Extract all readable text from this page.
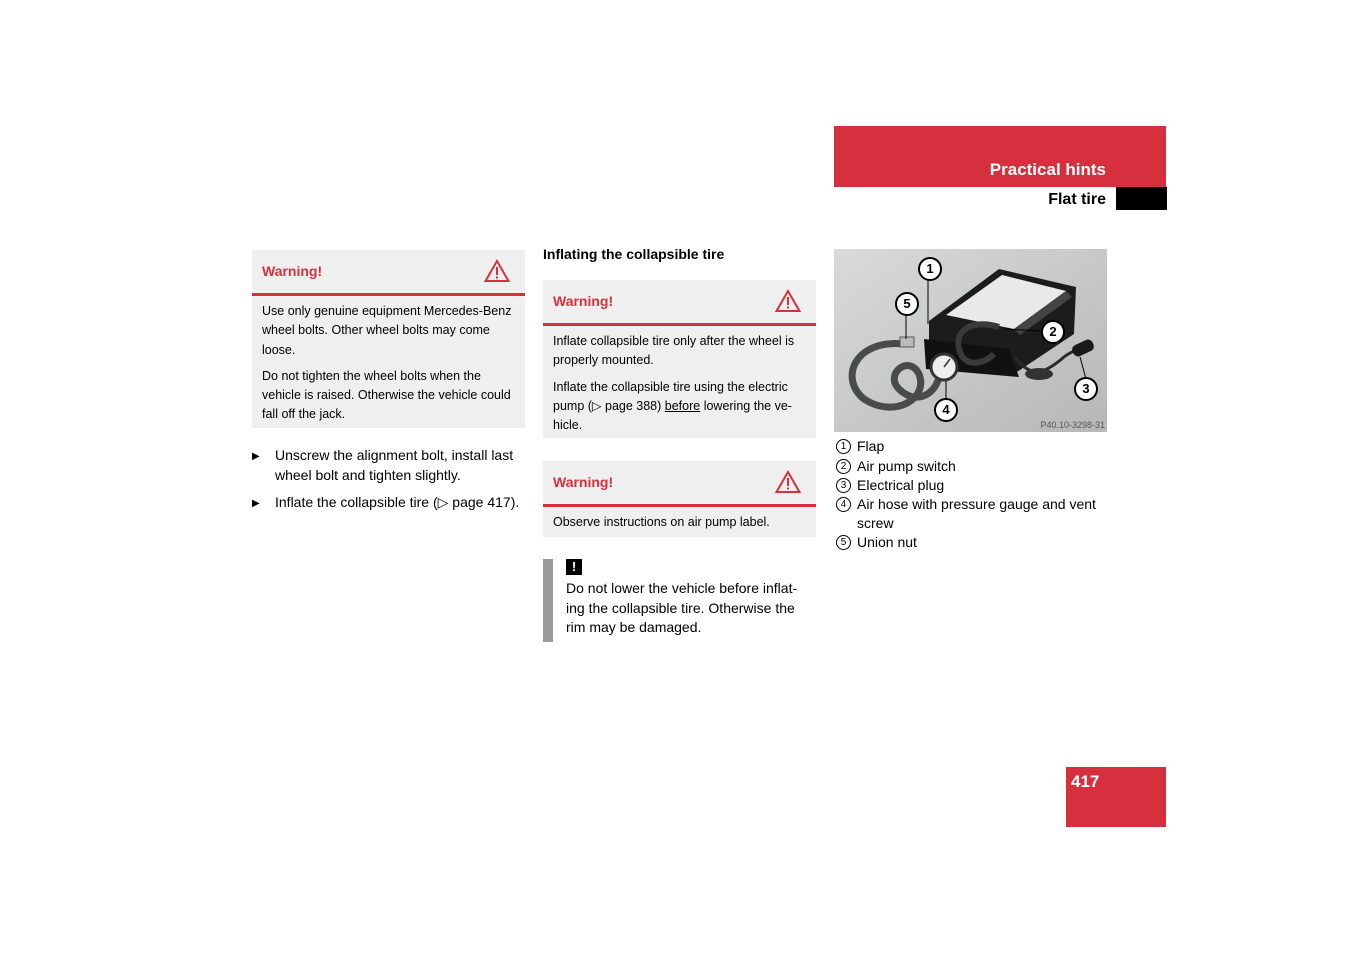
Practical hints
Flat tire
Warning!

Use only genuine equipment Mercedes-Benz wheel bolts. Other wheel bolts may come loose.

Do not tighten the wheel bolts when the vehicle is raised. Otherwise the vehicle could fall off the jack.

▶ Unscrew the alignment bolt, install last wheel bolt and tighten slightly.
▶ Inflate the collapsible tire (▷ page 417).
Inflating the collapsible tire
Warning!

Inflate collapsible tire only after the wheel is properly mounted.

Inflate the collapsible tire using the electric pump (▷ page 388) before lowering the ve-hicle.

Warning!

Observe instructions on air pump label.

!
Do not lower the vehicle before inflat-ing the collapsible tire. Otherwise the rim may be damaged.
1
5
2
3
4
P40.10-3298-31
1 Flap
2 Air pump switch
3 Electrical plug
4 Air hose with pressure gauge and vent screw
5 Union nut
417
